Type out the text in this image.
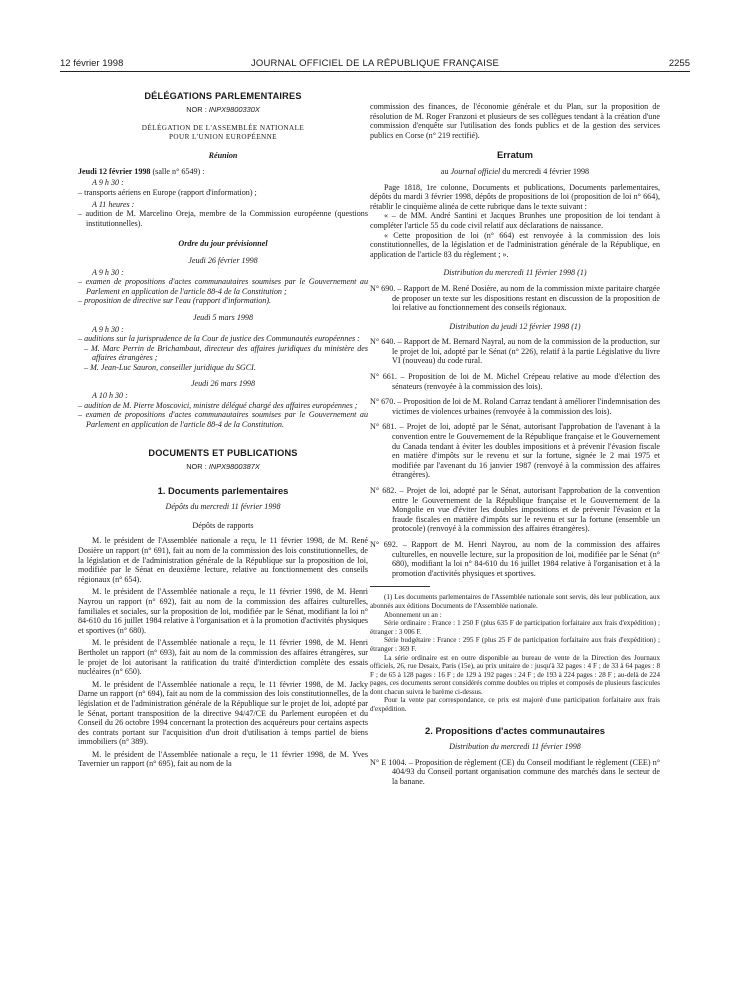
12 février 1998	JOURNAL OFFICIEL DE LA RÉPUBLIQUE FRANÇAISE	2255
DÉLÉGATIONS PARLEMENTAIRES

NOR : INPX9800330X

DÉLÉGATION DE L'ASSEMBLÉE NATIONALE
POUR L'UNION EUROPÉENNE

Réunion

Jeudi 12 février 1998 (salle n° 6549) :

A 9 h 30 :

– transports aériens en Europe (rapport d'information) ;

A 11 heures :

– audition de M. Marcelino Oreja, membre de la Commission européenne (questions institutionnelles).

Ordre du jour prévisionnel

Jeudi 26 février 1998

A 9 h 30 :

– examen de propositions d'actes communautaires soumises par le Gouvernement au Parlement en application de l'article 88-4 de la Constitution ;

– proposition de directive sur l'eau (rapport d'information).

Jeudi 5 mars 1998

A 9 h 30 :

– auditions sur la jurisprudence de la Cour de justice des Communautés européennes :

– M. Marc Perrin de Brichambaut, directeur des affaires juridiques du ministère des affaires étrangères ;

– M. Jean-Luc Sauron, conseiller juridique du SGCI.

Jeudi 26 mars 1998

A 10 h 30 :

– audition de M. Pierre Moscovici, ministre délégué chargé des affaires européennes ;

– examen de propositions d'actes communautaires soumises par le Gouvernement au Parlement en application de l'article 88-4 de la Constitution.

DOCUMENTS ET PUBLICATIONS

NOR : INPX9800387X

1. Documents parlementaires

Dépôts du mercredi 11 février 1998

Dépôts de rapports

M. le président de l'Assemblée nationale a reçu, le 11 février 1998, de M. René Dosière un rapport (n° 691), fait au nom de la commission des lois constitutionnelles, de la législation et de l'administration générale de la République sur la proposition de loi, modifiée par le Sénat en deuxième lecture, relative au fonctionnement des conseils régionaux (n° 654).

M. le président de l'Assemblée nationale a reçu, le 11 février 1998, de M. Henri Nayrou un rapport (n° 692), fait au nom de la commission des affaires culturelles, familiales et sociales, sur la proposition de loi, modifiée par le Sénat, modifiant la loi n° 84-610 du 16 juillet 1984 relative à l'organisation et à la promotion d'activités physiques et sportives (n° 680).

M. le président de l'Assemblée nationale a reçu, le 11 février 1998, de M. Henri Bertholet un rapport (n° 693), fait au nom de la commission des affaires étrangères, sur le projet de loi autorisant la ratification du traité d'interdiction complète des essais nucléaires (n° 650).

M. le président de l'Assemblée nationale a reçu, le 11 février 1998, de M. Jacky Darne un rapport (n° 694), fait au nom de la commission des lois constitutionnelles, de la législation et de l'administration générale de la République sur le projet de loi, adopté par le Sénat, portant transposition de la directive 94/47/CE du Parlement européen et du Conseil du 26 octobre 1994 concernant la protection des acquéreurs pour certains aspects des contrats portant sur l'acquisition d'un droit d'utilisation à temps partiel de biens immobiliers (n° 389).

M. le président de l'Assemblée nationale a reçu, le 11 février 1998, de M. Yves Tavernier un rapport (n° 695), fait au nom de la

commission des finances, de l'économie générale et du Plan, sur la proposition de résolution de M. Roger Franzoni et plusieurs de ses collègues tendant à la création d'une commission d'enquête sur l'utilisation des fonds publics et de la gestion des services publics en Corse (n° 219 rectifié).

Erratum

au Journal officiel du mercredi 4 février 1998

Page 1818, 1re colonne, Documents et publications, Documents parlementaires, dépôts du mardi 3 février 1998, dépôts de propositions de loi (proposition de loi n° 664), rétablir le cinquième alinéa de cette rubrique dans le texte suivant :

« – de MM. André Santini et Jacques Brunhes une proposition de loi tendant à compléter l'article 55 du code civil relatif aux déclarations de naissance.

« Cette proposition de loi (n° 664) est renvoyée à la commission des lois constitutionnelles, de la législation et de l'administration générale de la République, en application de l'article 83 du règlement ; ».

Distribution du mercredi 11 février 1998 (1)

N° 690. – Rapport de M. René Dosière, au nom de la commission mixte paritaire chargée de proposer un texte sur les dispositions restant en discussion de la proposition de loi relative au fonctionnement des conseils régionaux.

Distribution du jeudi 12 février 1998 (1)

N° 640. – Rapport de M. Bernard Nayral, au nom de la commission de la production, sur le projet de loi, adopté par le Sénat (n° 226), relatif à la partie Législative du livre VI (nouveau) du code rural.

N° 661. – Proposition de loi de M. Michel Crépeau relative au mode d'élection des sénateurs (renvoyée à la commission des lois).

N° 670. – Proposition de loi de M. Roland Carraz tendant à améliorer l'indemnisation des victimes de violences urbaines (renvoyée à la commission des lois).

N° 681. – Projet de loi, adopté par le Sénat, autorisant l'approbation de l'avenant à la convention entre le Gouvernement de la République française et le Gouvernement du Canada tendant à éviter les doubles impositions et à prévenir l'évasion fiscale en matière d'impôts sur le revenu et sur la fortune, signée le 2 mai 1975 et modifiée par l'avenant du 16 janvier 1987 (renvoyé à la commission des affaires étrangères).

N° 682. – Projet de loi, adopté par le Sénat, autorisant l'approbation de la convention entre le Gouvernement de la République française et le Gouvernement de la Mongolie en vue d'éviter les doubles impositions et de prévenir l'évasion et la fraude fiscales en matière d'impôts sur le revenu et sur la fortune (ensemble un protocole) (renvoyé à la commission des affaires étrangères).

N° 692. – Rapport de M. Henri Nayrou, au nom de la commission des affaires culturelles, en nouvelle lecture, sur la proposition de loi, modifiée par le Sénat (n° 680), modifiant la loi n° 84-610 du 16 juillet 1984 relative à l'organisation et à la promotion d'activités physiques et sportives.

(1) Les documents parlementaires de l'Assemblée nationale sont servis, dès leur publication, aux abonnés aux éditions Documents de l'Assemblée nationale.

Abonnement un an :

Série ordinaire : France : 1 250 F (plus 635 F de participation forfaitaire aux frais d'expédition) ; étranger : 3 006 F.

Série budgétaire : France : 295 F (plus 25 F de participation forfaitaire aux frais d'expédition) ; étranger : 369 F.

La série ordinaire est en outre disponible au bureau de vente de la Direction des Journaux officiels, 26, rue Desaix, Paris (15e), au prix unitaire de : jusqu'à 32 pages : 4 F ; de 33 à 64 pages : 8 F ; de 65 à 128 pages : 16 F ; de 129 à 192 pages : 24 F ; de 193 à 224 pages : 28 F ; au-delà de 224 pages, ces documents seront considérés comme doubles ou triples et composés de plusieurs fascicules dont chacun suivra le barème ci-dessus.

Pour la vente par correspondance, ce prix est majoré d'une participation forfaitaire aux frais d'expédition.

2. Propositions d'actes communautaires

Distribution du mercredi 11 février 1998

N° E 1004. – Proposition de règlement (CE) du Conseil modifiant le règlement (CEE) n° 404/93 du Conseil portant organisation commune des marchés dans le secteur de la banane.
